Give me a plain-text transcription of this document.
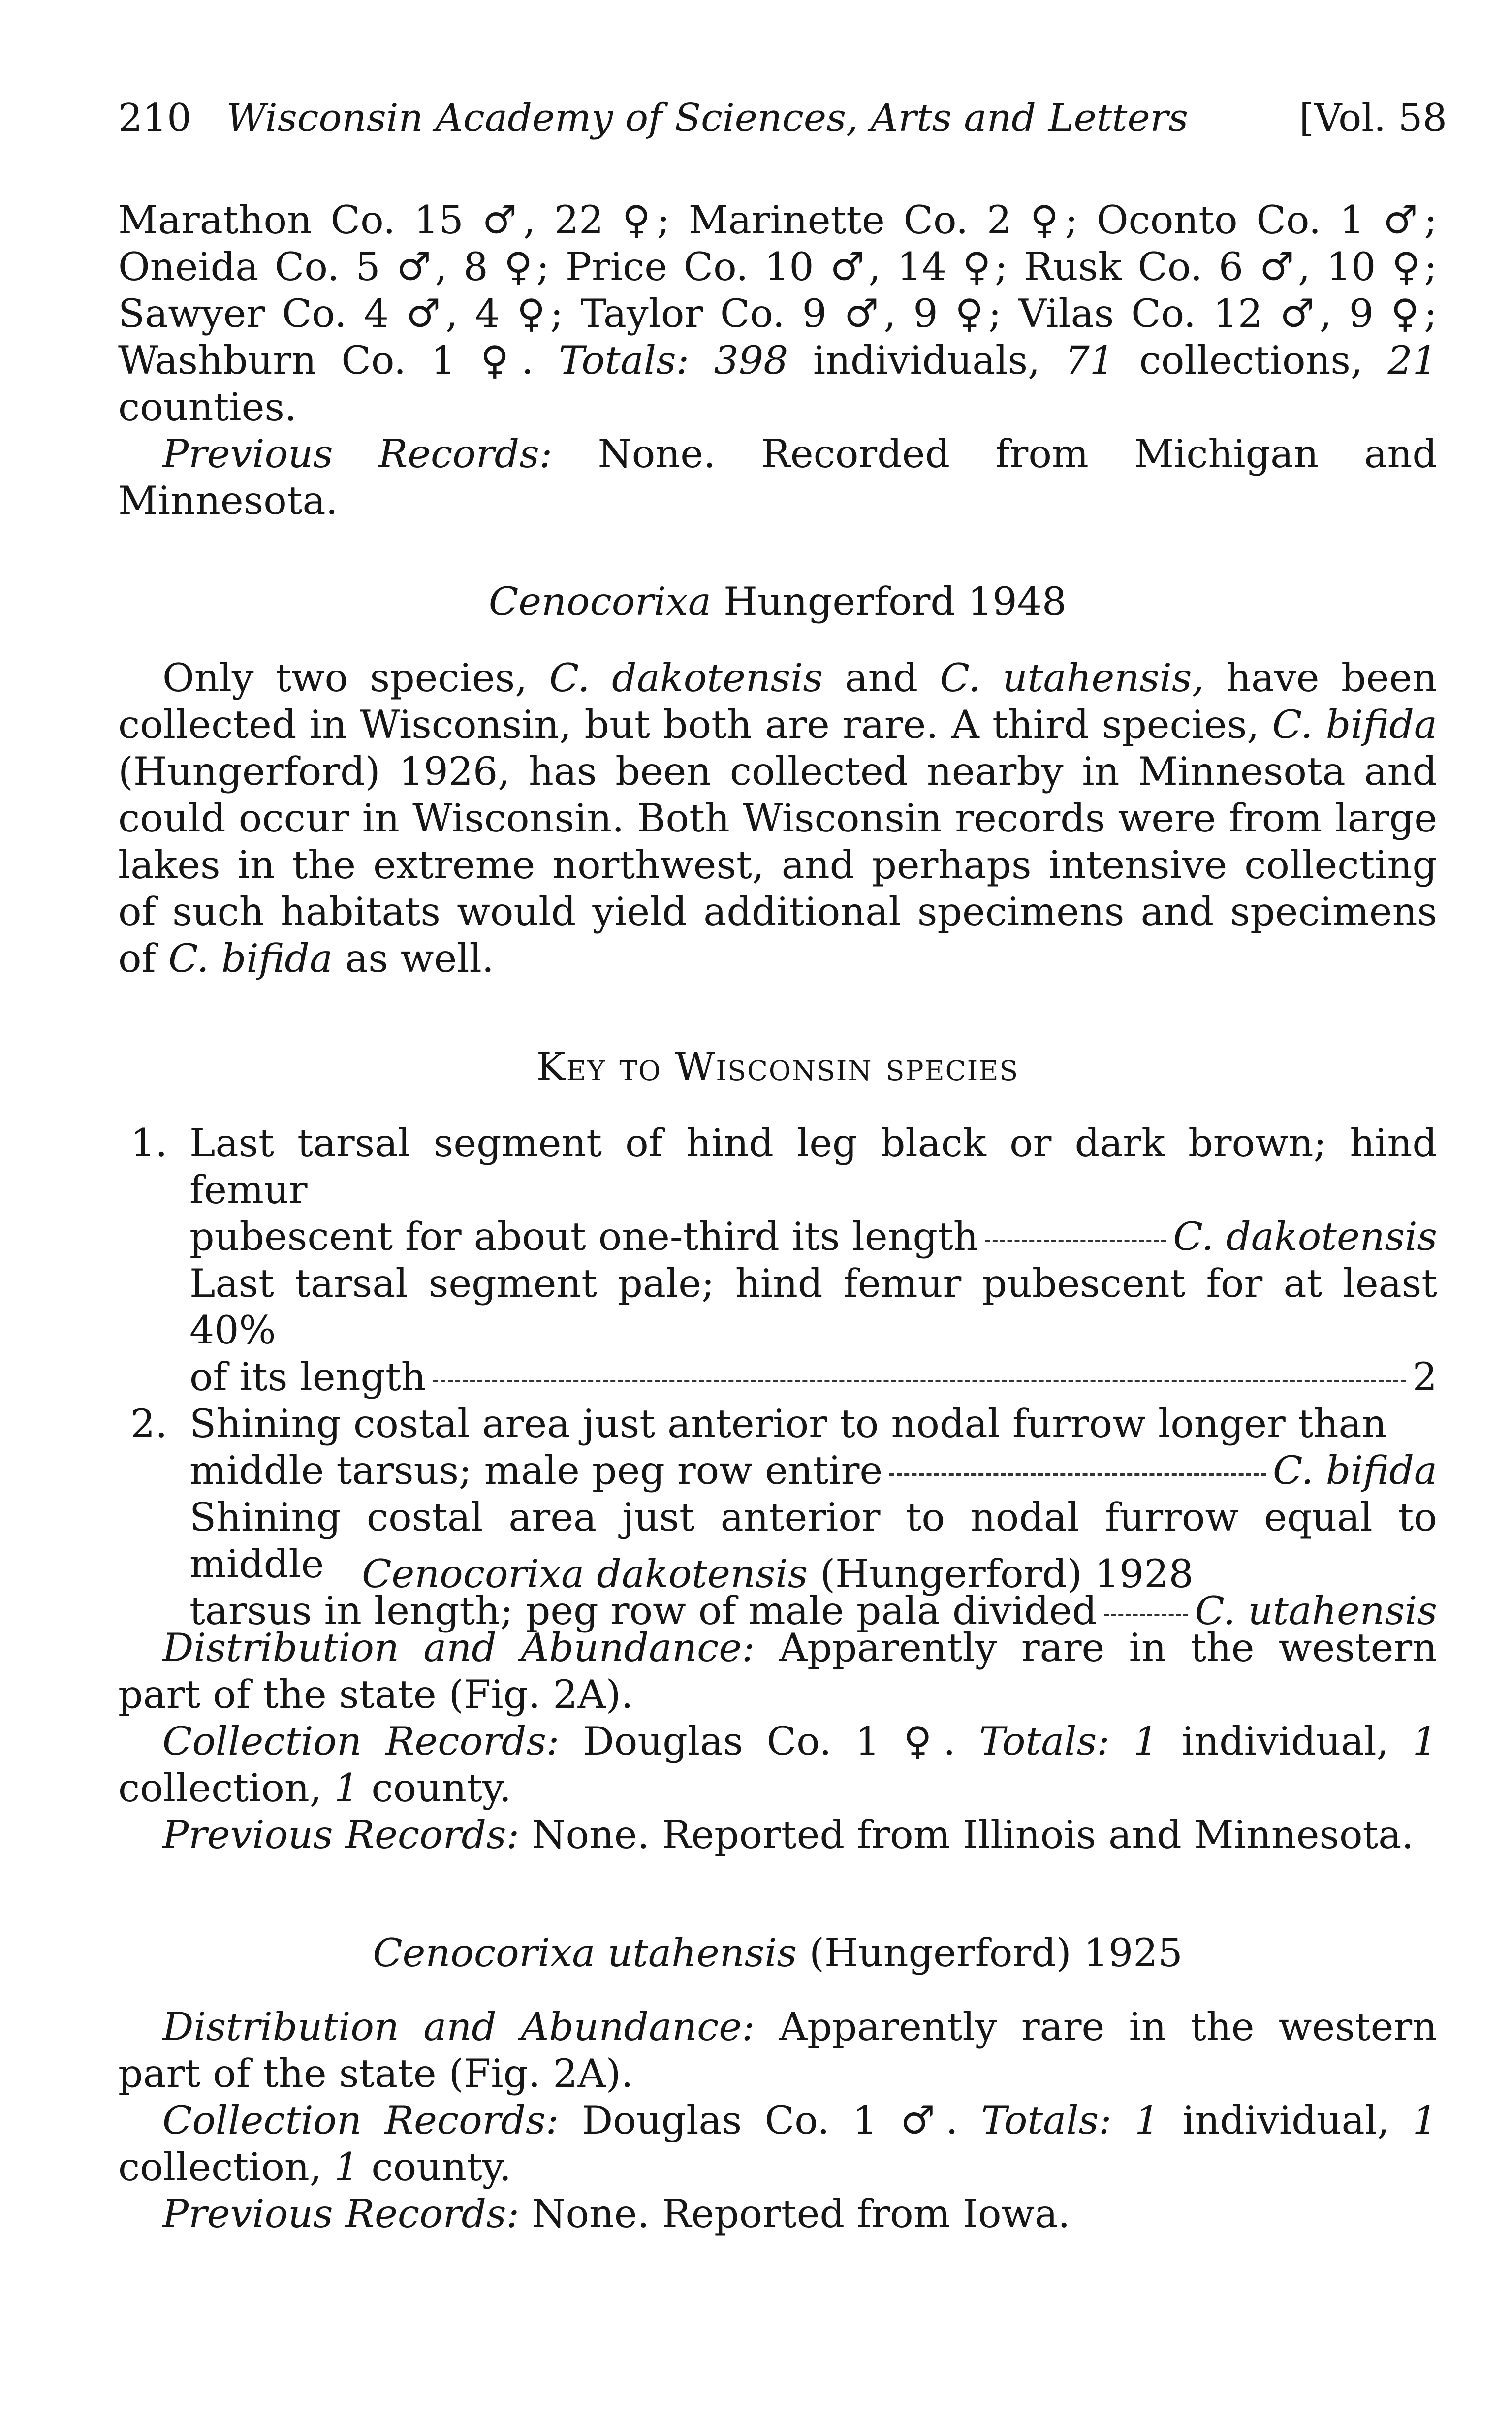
210 Wisconsin Academy of Sciences, Arts and Letters	[Vol. 58

Marathon Co. 15 ♂, 22 ♀; Marinette Co. 2 ♀; Oconto Co. 1 ♂; Oneida Co. 5 ♂, 8 ♀; Price Co. 10 ♂, 14 ♀; Rusk Co. 6 ♂, 10 ♀; Sawyer Co. 4 ♂, 4 ♀; Taylor Co. 9 ♂, 9 ♀; Vilas Co. 12 ♂, 9 ♀; Washburn Co. 1 ♀. Totals: 398 individuals, 71 collections, 21 counties.

Previous Records: None. Recorded from Michigan and Minnesota.

Cenocorixa Hungerford 1948

Only two species, C. dakotensis and C. utahensis, have been collected in Wisconsin, but both are rare. A third species, C. bifida (Hungerford) 1926, has been collected nearby in Minnesota and could occur in Wisconsin. Both Wisconsin records were from large lakes in the extreme northwest, and perhaps intensive collecting of such habitats would yield additional specimens and specimens of C. bifida as well.

Key to Wisconsin species
1. Last tarsal segment of hind leg black or dark brown; hind femur
pubescent for about one-third its length	C. dakotensis
Last tarsal segment pale; hind femur pubescent for at least 40%
of its length	2
2. Shining costal area just anterior to nodal furrow longer than
middle tarsus; male peg row entire	C. bifida
Shining costal area just anterior to nodal furrow equal to middle
tarsus in length; peg row of male pala divided	C. utahensis
Cenocorixa dakotensis (Hungerford) 1928

Distribution and Abundance: Apparently rare in the western part of the state (Fig. 2A).

Collection Records: Douglas Co. 1 ♀. Totals: 1 individual, 1 collection, 1 county.

Previous Records: None. Reported from Illinois and Minnesota.

Cenocorixa utahensis (Hungerford) 1925

Distribution and Abundance: Apparently rare in the western part of the state (Fig. 2A).

Collection Records: Douglas Co. 1 ♂. Totals: 1 individual, 1 collection, 1 county.

Previous Records: None. Reported from Iowa.
